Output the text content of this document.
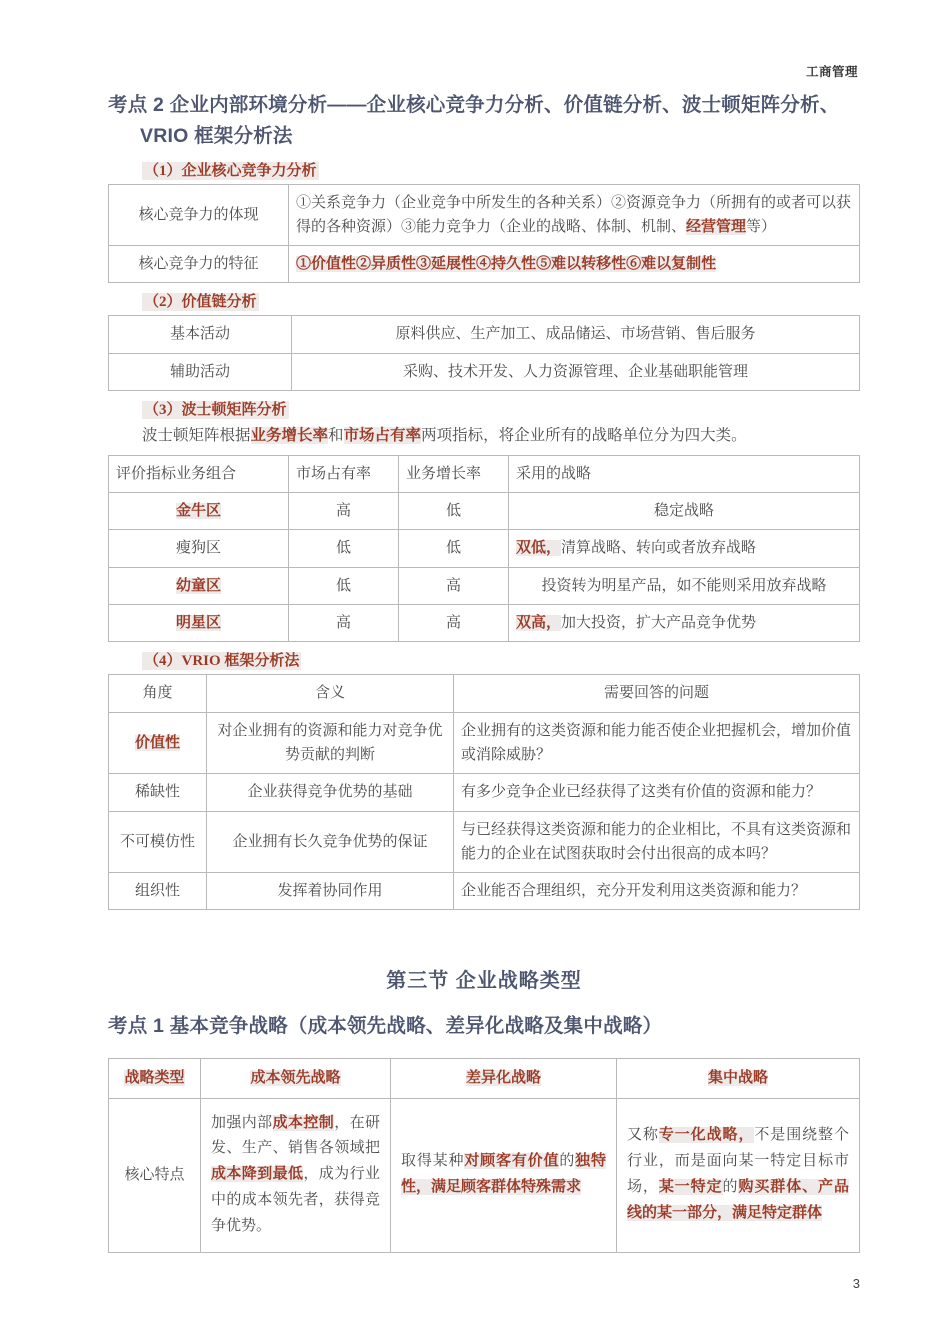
工商管理
考点 2 企业内部环境分析——企业核心竞争力分析、价值链分析、波士顿矩阵分析、
VRIO 框架分析法
（1）企业核心竞争力分析
核心竞争力的体现	①关系竞争力（企业竞争中所发生的各种关系）②资源竞争力（所拥有的或者可以获得的各种资源）③能力竞争力（企业的战略、体制、机制、经营管理等）
核心竞争力的特征	①价值性②异质性③延展性④持久性⑤难以转移性⑥难以复制性
（2）价值链分析
基本活动	原料供应、生产加工、成品储运、市场营销、售后服务
辅助活动	采购、技术开发、人力资源管理、企业基础职能管理
（3）波士顿矩阵分析

波士顿矩阵根据业务增长率和市场占有率两项指标，将企业所有的战略单位分为四大类。

评价指标业务组合	市场占有率	业务增长率	采用的战略
金牛区	高	低	稳定战略
瘦狗区	低	低	双低，清算战略、转向或者放弃战略
幼童区	低	高	投资转为明星产品，如不能则采用放弃战略
明星区	高	高	双高，加大投资，扩大产品竞争优势
（4）VRIO 框架分析法
角度	含义	需要回答的问题
价值性	对企业拥有的资源和能力对竞争优势贡献的判断	企业拥有的这类资源和能力能否使企业把握机会，增加价值或消除威胁？
稀缺性	企业获得竞争优势的基础	有多少竞争企业已经获得了这类有价值的资源和能力？
不可模仿性	企业拥有长久竞争优势的保证	与已经获得这类资源和能力的企业相比，不具有这类资源和能力的企业在试图获取时会付出很高的成本吗？
组织性	发挥着协同作用	企业能否合理组织，充分开发利用这类资源和能力？
第三节 企业战略类型
考点 1 基本竞争战略（成本领先战略、差异化战略及集中战略）
战略类型	成本领先战略	差异化战略	集中战略
核心特点	加强内部成本控制，在研发、生产、销售各领域把成本降到最低，成为行业中的成本领先者，获得竞争优势。	取得某种对顾客有价值的独特性，满足顾客群体特殊需求	又称专一化战略，不是围绕整个行业，而是面向某一特定目标市场，某一特定的购买群体、产品线的某一部分，满足特定群体
3
